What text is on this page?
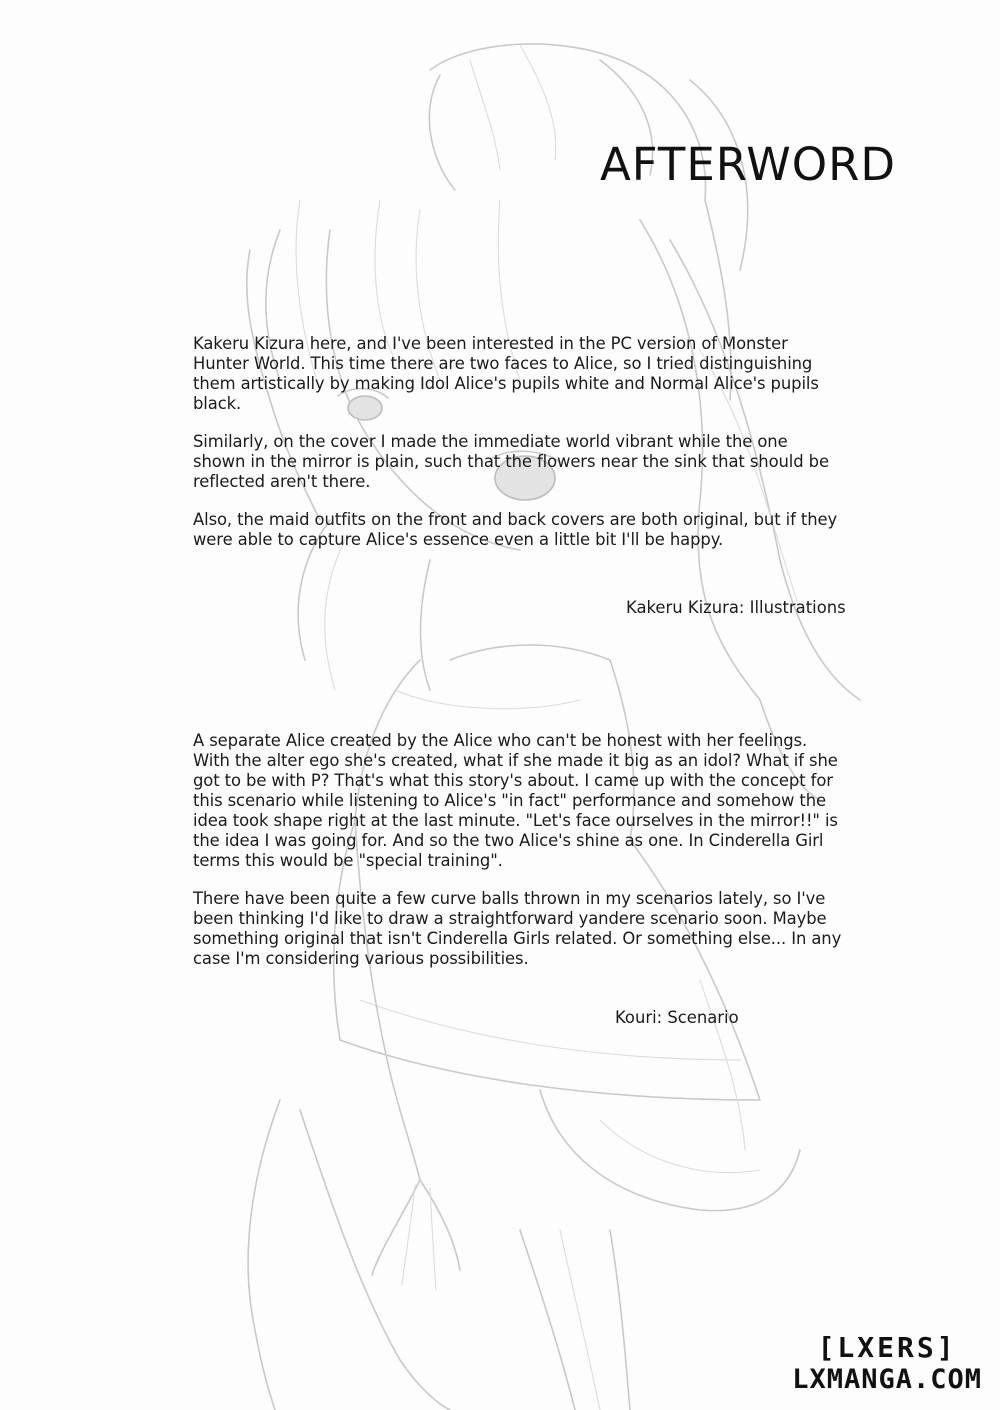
AFTERWORD

Kakeru Kizura here, and I've been interested in the PC version of Monster Hunter World. This time there are two faces to Alice, so I tried distinguishing them artistically by making Idol Alice's pupils white and Normal Alice's pupils black.

Similarly, on the cover I made the immediate world vibrant while the one shown in the mirror is plain, such that the flowers near the sink that should be reflected aren't there.

Also, the maid outfits on the front and back covers are both original, but if they were able to capture Alice's essence even a little bit I'll be happy.

Kakeru Kizura: Illustrations

A separate Alice created by the Alice who can't be honest with her feelings. With the alter ego she's created, what if she made it big as an idol? What if she got to be with P? That's what this story's about. I came up with the concept for this scenario while listening to Alice's "in fact" performance and somehow the idea took shape right at the last minute. "Let's face ourselves in the mirror!!" is the idea I was going for. And so the two Alice's shine as one. In Cinderella Girl terms this would be "special training".

There have been quite a few curve balls thrown in my scenarios lately, so I've been thinking I'd like to draw a straightforward yandere scenario soon. Maybe something original that isn't Cinderella Girls related. Or something else... In any case I'm considering various possibilities.

Kouri: Scenario
[LXERS]
LXMANGA.COM
